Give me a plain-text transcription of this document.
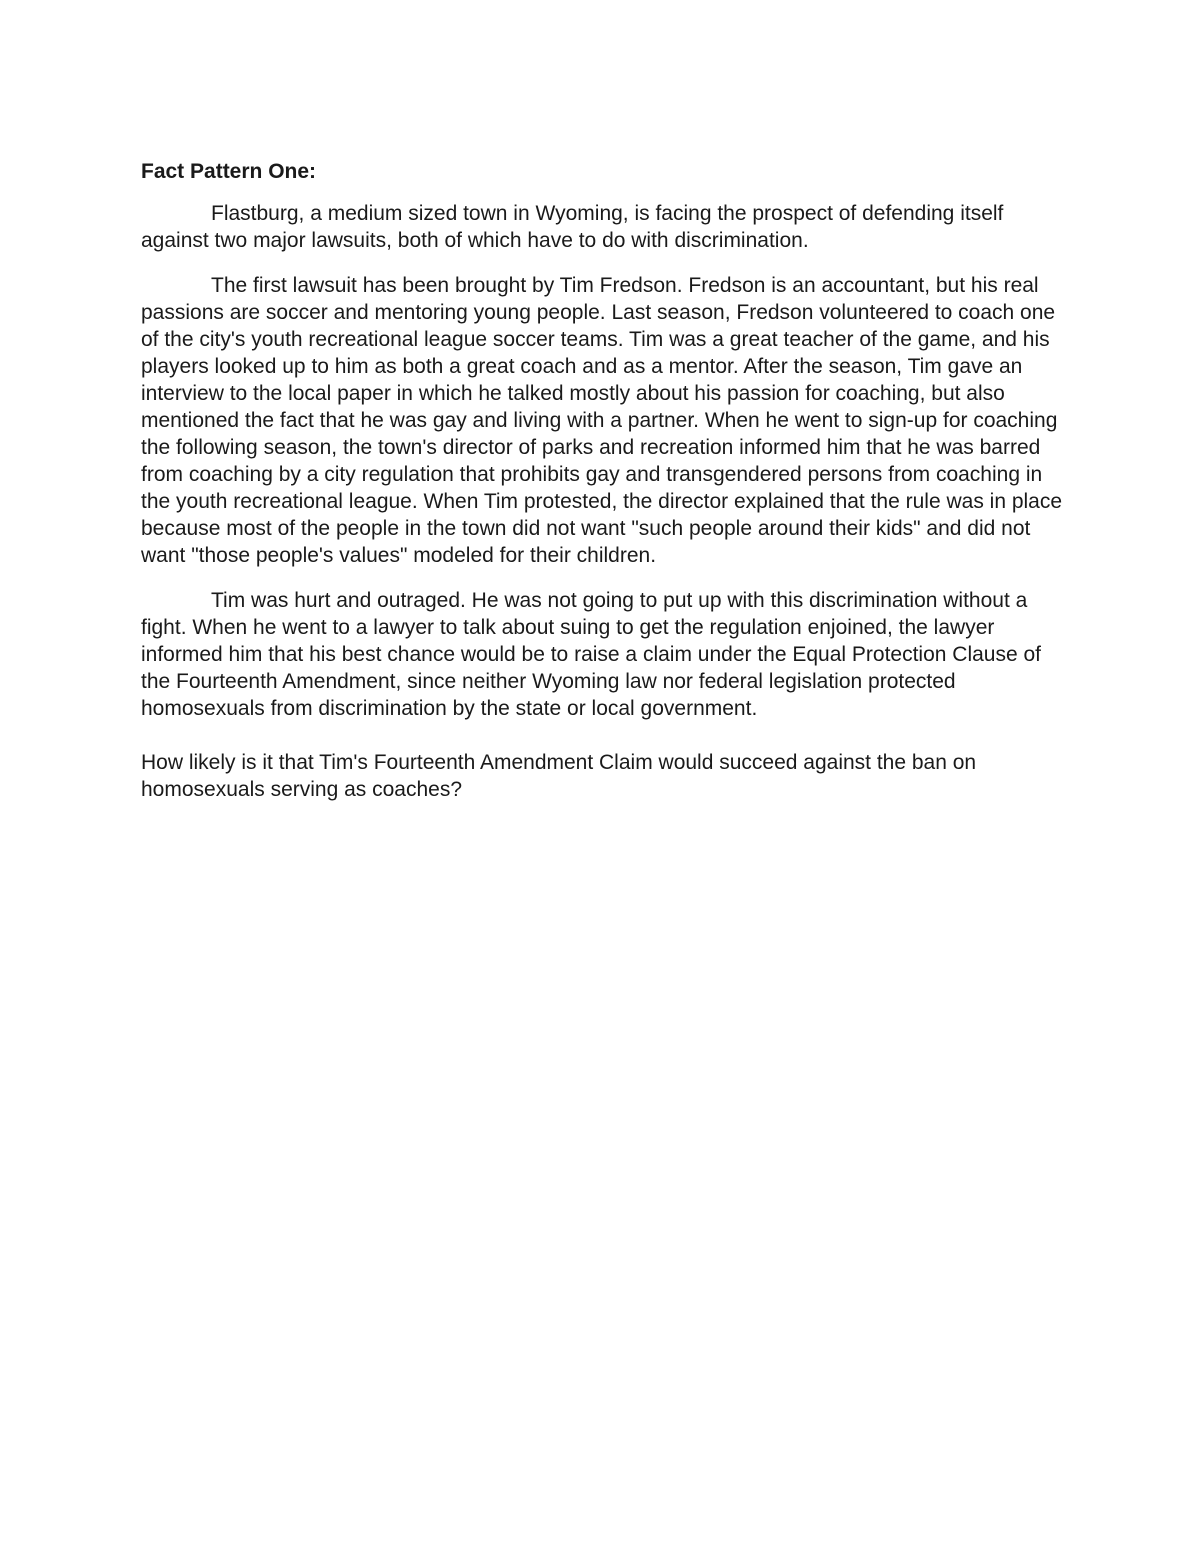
Fact Pattern One:

Flastburg, a medium sized town in Wyoming, is facing the prospect of defending itself against two major lawsuits, both of which have to do with discrimination.

The first lawsuit has been brought by Tim Fredson. Fredson is an accountant, but his real passions are soccer and mentoring young people. Last season, Fredson volunteered to coach one of the city's youth recreational league soccer teams. Tim was a great teacher of the game, and his players looked up to him as both a great coach and as a mentor. After the season, Tim gave an interview to the local paper in which he talked mostly about his passion for coaching, but also mentioned the fact that he was gay and living with a partner. When he went to sign-up for coaching the following season, the town's director of parks and recreation informed him that he was barred from coaching by a city regulation that prohibits gay and transgendered persons from coaching in the youth recreational league. When Tim protested, the director explained that the rule was in place because most of the people in the town did not want "such people around their kids" and did not want "those people's values" modeled for their children.

Tim was hurt and outraged. He was not going to put up with this discrimination without a fight. When he went to a lawyer to talk about suing to get the regulation enjoined, the lawyer informed him that his best chance would be to raise a claim under the Equal Protection Clause of the Fourteenth Amendment, since neither Wyoming law nor federal legislation protected homosexuals from discrimination by the state or local government.

How likely is it that Tim's Fourteenth Amendment Claim would succeed against the ban on homosexuals serving as coaches?
